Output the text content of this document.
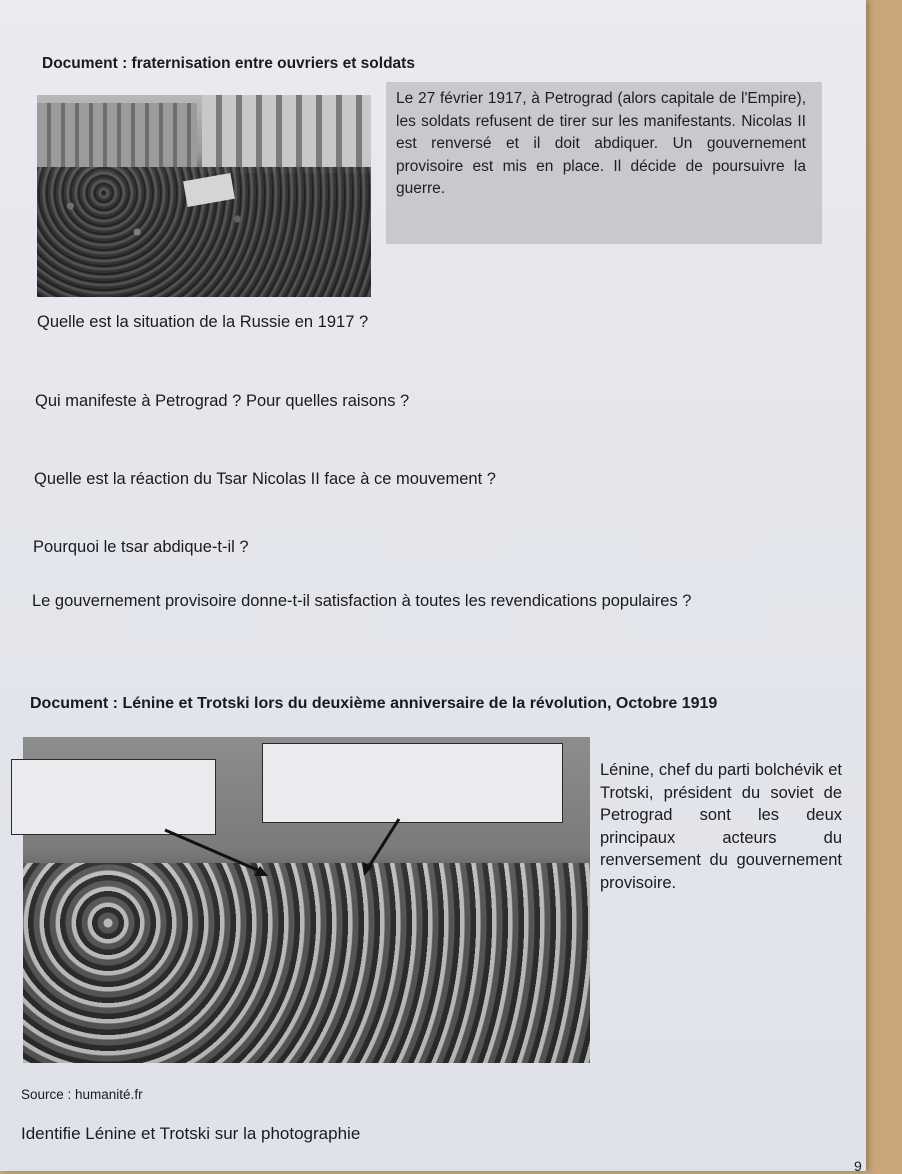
Document : fraternisation entre ouvriers et soldats
Le 27 février 1917, à Petrograd (alors capitale de l'Empire), les soldats refusent de tirer sur les manifestants. Nicolas II est renversé et il doit abdiquer. Un gouvernement provisoire est mis en place. Il décide de poursuivre la guerre.
Quelle est la situation de la Russie en 1917 ?
Qui manifeste à Petrograd ? Pour quelles raisons ?
Quelle est la réaction du Tsar Nicolas II face à ce mouvement ?
Pourquoi le tsar abdique-t-il ?
Le gouvernement provisoire donne-t-il satisfaction à toutes les revendications populaires ?
Document : Lénine et Trotski lors du deuxième anniversaire de la révolution, Octobre 1919
Lénine, chef du parti bolchévik et Trotski, président du soviet de Petrograd sont les deux principaux acteurs du renversement du gouvernement provisoire.
Source : humanité.fr
Identifie Lénine et Trotski sur la photographie
9
